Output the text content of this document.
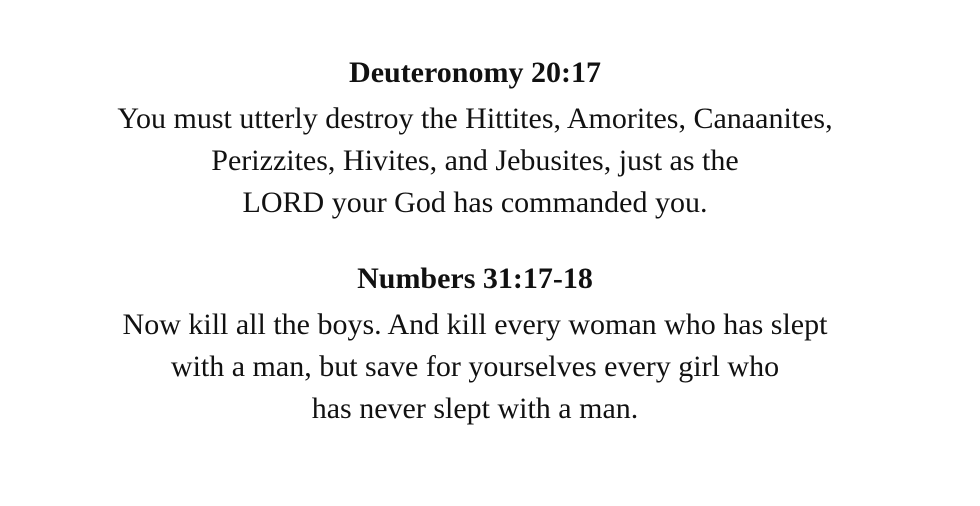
Deuteronomy 20:17
You must utterly destroy the Hittites, Amorites, Canaanites,
Perizzites, Hivites, and Jebusites, just as the
LORD your God has commanded you.
Numbers 31:17-18
Now kill all the boys. And kill every woman who has slept
with a man, but save for yourselves every girl who
has never slept with a man.
